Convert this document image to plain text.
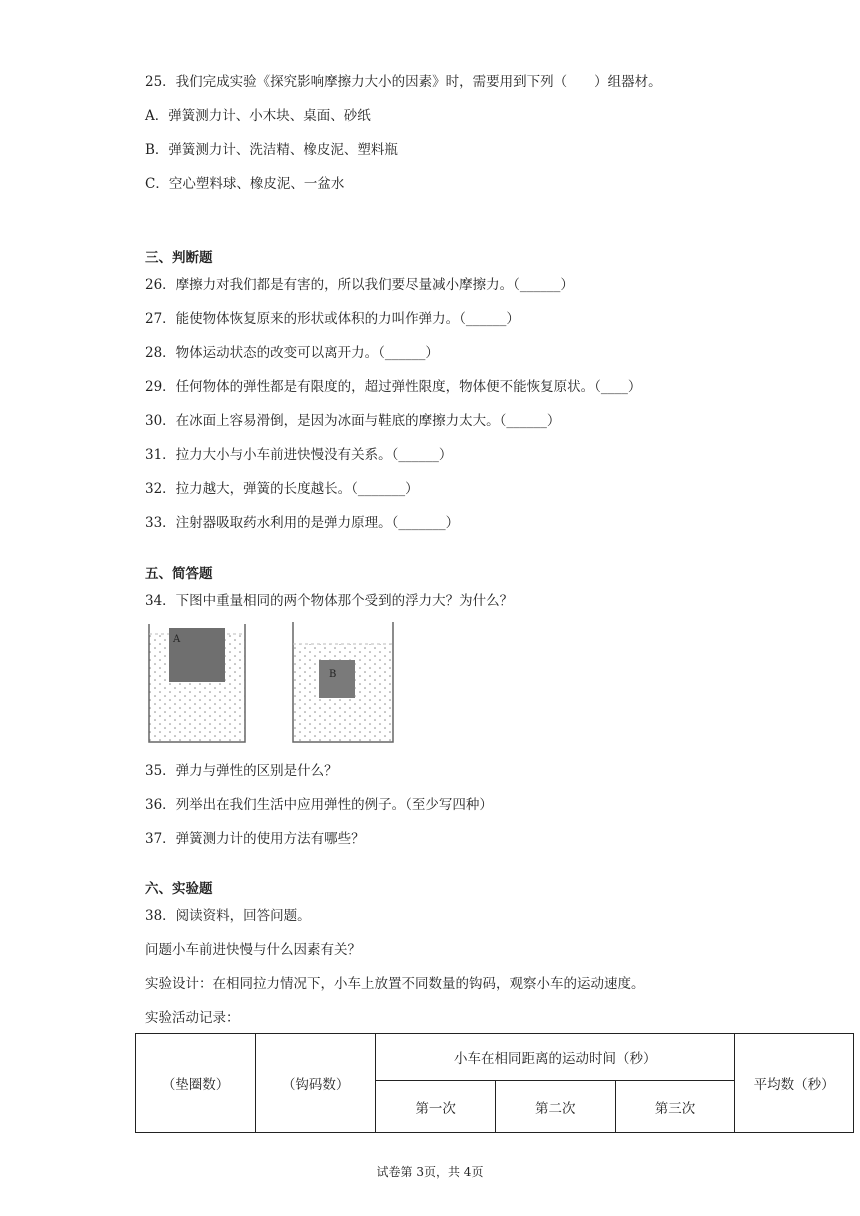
25．我们完成实验《探究影响摩擦力大小的因素》时，需要用到下列（　　）组器材。
A．弹簧测力计、小木块、桌面、砂纸
B．弹簧测力计、洗洁精、橡皮泥、塑料瓶
C．空心塑料球、橡皮泥、一盆水
三、判断题
26．摩擦力对我们都是有害的，所以我们要尽量减小摩擦力。（______）
27．能使物体恢复原来的形状或体积的力叫作弹力。（______）
28．物体运动状态的改变可以离开力。（______）
29．任何物体的弹性都是有限度的，超过弹性限度，物体便不能恢复原状。（____）
30．在冰面上容易滑倒，是因为冰面与鞋底的摩擦力太大。（______）
31．拉力大小与小车前进快慢没有关系。（______）
32．拉力越大，弹簧的长度越长。（_______）
33．注射器吸取药水利用的是弹力原理。（_______）
五、简答题
34．下图中重量相同的两个物体那个受到的浮力大？为什么？
A
B
35．弹力与弹性的区别是什么？
36．列举出在我们生活中应用弹性的例子。（至少写四种）
37．弹簧测力计的使用方法有哪些？
六、实验题
38．阅读资料，回答问题。
问题小车前进快慢与什么因素有关？
实验设计：在相同拉力情况下，小车上放置不同数量的钩码，观察小车的运动速度。
实验活动记录：
（垫圈数）	（钩码数）	小车在相同距离的运动时间（秒）			平均数（秒）
		第一次	第二次	第三次	
试卷第 3页，共 4页
